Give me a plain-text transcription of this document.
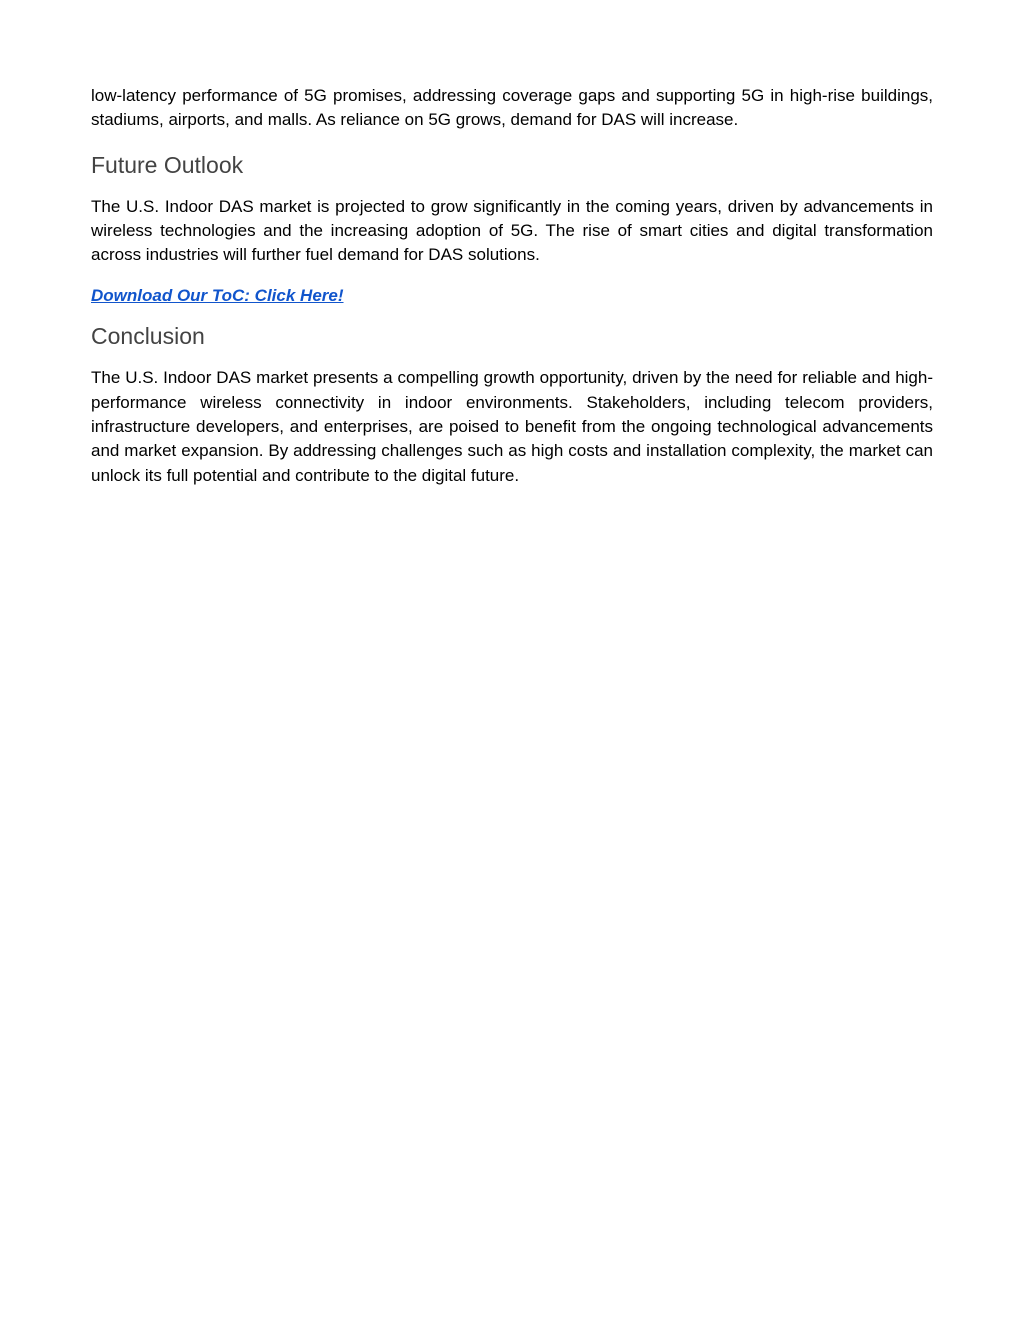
low-latency performance of 5G promises, addressing coverage gaps and supporting 5G in high-rise buildings, stadiums, airports, and malls. As reliance on 5G grows, demand for DAS will increase.

Future Outlook

The U.S. Indoor DAS market is projected to grow significantly in the coming years, driven by advancements in wireless technologies and the increasing adoption of 5G. The rise of smart cities and digital transformation across industries will further fuel demand for DAS solutions.

Download Our ToC: Click Here!
Conclusion

The U.S. Indoor DAS market presents a compelling growth opportunity, driven by the need for reliable and high-performance wireless connectivity in indoor environments. Stakeholders, including telecom providers, infrastructure developers, and enterprises, are poised to benefit from the ongoing technological advancements and market expansion. By addressing challenges such as high costs and installation complexity, the market can unlock its full potential and contribute to the digital future.
